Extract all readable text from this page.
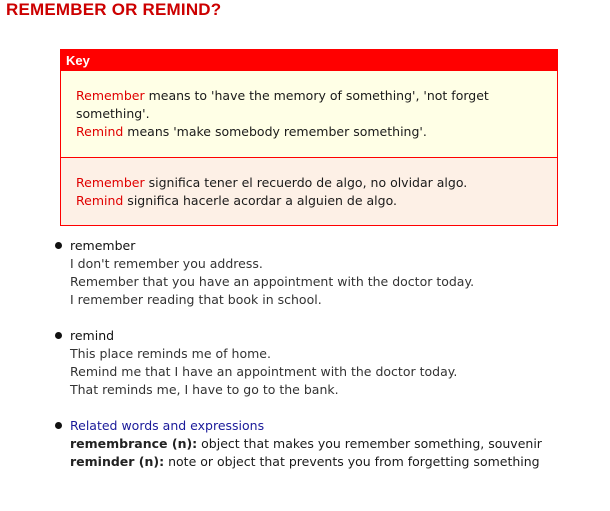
REMEMBER OR REMIND?
Key
Remember means to 'have the memory of something', 'not forget something'.
Remind means 'make somebody remember something'.
Remember significa tener el recuerdo de algo, no olvidar algo.
Remind significa hacerle acordar a alguien de algo.
remember
I don't remember you address.
Remember that you have an appointment with the doctor today.
I remember reading that book in school.
remind
This place reminds me of home.
Remind me that I have an appointment with the doctor today.
That reminds me, I have to go to the bank.
Related words and expressions
remembrance (n): object that makes you remember something, souvenir
reminder (n): note or object that prevents you from forgetting something
